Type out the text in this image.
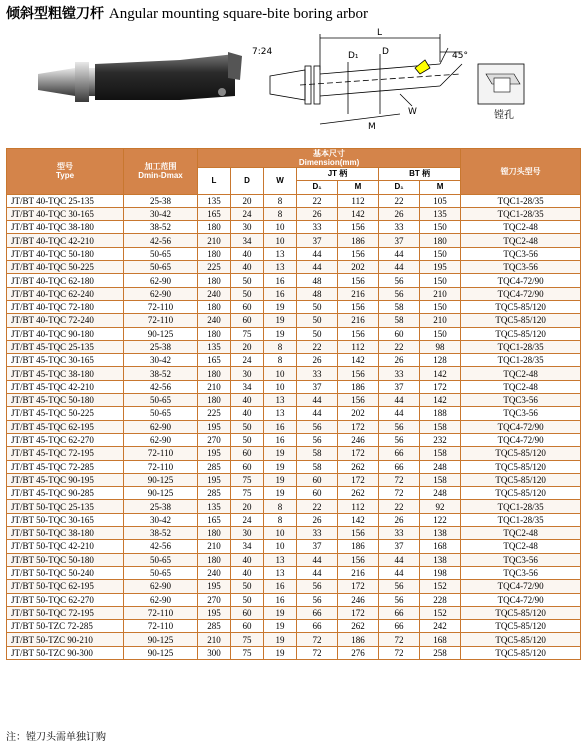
倾斜型粗镗刀杆 Angular mounting square-bite boring arbor
7:24
L
D₁	D	45°
M
W	镗孔
型号
Type	加工范围
Dmin-Dmax	基本尺寸
Dimension(mm)							镗刀头型号
		L	D	W	JT 柄		BT 柄		
					D₁	M	D₁	M	
JT/BT 40-TQC 25-135	25-38	135	20	8	22	112	22	105	TQC1-28/35
JT/BT 40-TQC 30-165	30-42	165	24	8	26	142	26	135	TQC1-28/35
JT/BT 40-TQC 38-180	38-52	180	30	10	33	156	33	150	TQC2-48
JT/BT 40-TQC 42-210	42-56	210	34	10	37	186	37	180	TQC2-48
JT/BT 40-TQC 50-180	50-65	180	40	13	44	156	44	150	TQC3-56
JT/BT 40-TQC 50-225	50-65	225	40	13	44	202	44	195	TQC3-56
JT/BT 40-TQC 62-180	62-90	180	50	16	48	156	56	150	TQC4-72/90
JT/BT 40-TQC 62-240	62-90	240	50	16	48	216	56	210	TQC4-72/90
JT/BT 40-TQC 72-180	72-110	180	60	19	50	156	58	150	TQC5-85/120
JT/BT 40-TQC 72-240	72-110	240	60	19	50	216	58	210	TQC5-85/120
JT/BT 40-TQC 90-180	90-125	180	75	19	50	156	60	150	TQC5-85/120
JT/BT 45-TQC 25-135	25-38	135	20	8	22	112	22	98	TQC1-28/35
JT/BT 45-TQC 30-165	30-42	165	24	8	26	142	26	128	TQC1-28/35
JT/BT 45-TQC 38-180	38-52	180	30	10	33	156	33	142	TQC2-48
JT/BT 45-TQC 42-210	42-56	210	34	10	37	186	37	172	TQC2-48
JT/BT 45-TQC 50-180	50-65	180	40	13	44	156	44	142	TQC3-56
JT/BT 45-TQC 50-225	50-65	225	40	13	44	202	44	188	TQC3-56
JT/BT 45-TQC 62-195	62-90	195	50	16	56	172	56	158	TQC4-72/90
JT/BT 45-TQC 62-270	62-90	270	50	16	56	246	56	232	TQC4-72/90
JT/BT 45-TQC 72-195	72-110	195	60	19	58	172	66	158	TQC5-85/120
JT/BT 45-TQC 72-285	72-110	285	60	19	58	262	66	248	TQC5-85/120
JT/BT 45-TQC 90-195	90-125	195	75	19	60	172	72	158	TQC5-85/120
JT/BT 45-TQC 90-285	90-125	285	75	19	60	262	72	248	TQC5-85/120
JT/BT 50-TQC 25-135	25-38	135	20	8	22	112	22	92	TQC1-28/35
JT/BT 50-TQC 30-165	30-42	165	24	8	26	142	26	122	TQC1-28/35
JT/BT 50-TQC 38-180	38-52	180	30	10	33	156	33	138	TQC2-48
JT/BT 50-TQC 42-210	42-56	210	34	10	37	186	37	168	TQC2-48
JT/BT 50-TQC 50-180	50-65	180	40	13	44	156	44	138	TQC3-56
JT/BT 50-TQC 50-240	50-65	240	40	13	44	216	44	198	TQC3-56
JT/BT 50-TQC 62-195	62-90	195	50	16	56	172	56	152	TQC4-72/90
JT/BT 50-TQC 62-270	62-90	270	50	16	56	246	56	228	TQC4-72/90
JT/BT 50-TQC 72-195	72-110	195	60	19	66	172	66	152	TQC5-85/120
JT/BT 50-TZC 72-285	72-110	285	60	19	66	262	66	242	TQC5-85/120
JT/BT 50-TZC 90-210	90-125	210	75	19	72	186	72	168	TQC5-85/120
JT/BT 50-TZC 90-300	90-125	300	75	19	72	276	72	258	TQC5-85/120
注：镗刀头需单独订购
